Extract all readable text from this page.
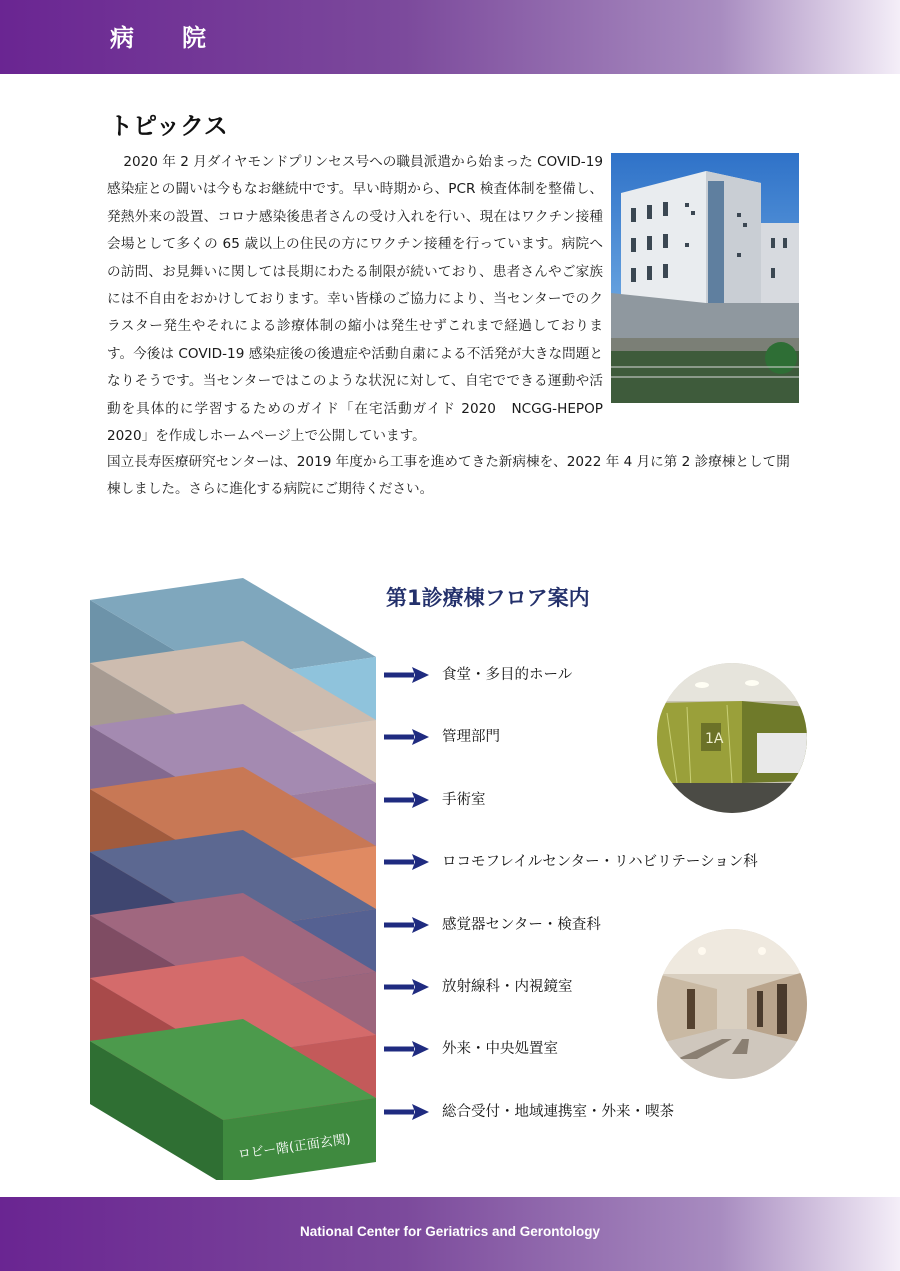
病　院
トピックス

2020 年 2 月ダイヤモンドプリンセス号への職員派遣から始まった COVID-19 感染症との闘いは今もなお継続中です。早い時期から、PCR 検査体制を整備し、発熱外来の設置、コロナ感染後患者さんの受け入れを行い、現在はワクチン接種会場として多くの 65 歳以上の住民の方にワクチン接種を行っています。病院への訪問、お見舞いに関しては長期にわたる制限が続いており、患者さんやご家族には不自由をおかけしております。幸い皆様のご協力により、当センターでのクラスター発生やそれによる診療体制の縮小は発生せずこれまで経過しております。今後は COVID-19 感染症後の後遺症や活動自粛による不活発が大きな問題となりそうです。当センターではこのような状況に対して、自宅でできる運動や活動を具体的に学習するためのガイド「在宅活動ガイド 2020　NCGG-HEPOP 2020」を作成しホームページ上で公開しています。

国立長寿医療研究センターは、2019 年度から工事を進めてきた新病棟を、2022 年 4 月に第 2 診療棟として開棟しました。さらに進化する病院にご期待ください。

第1診療棟フロア案内
ロビー階(正面玄関)
食堂・多目的ホール
管理部門
手術室
ロコモフレイルセンター・リハビリテーション科
感覚器センター・検査科
放射線科・内視鏡室
外来・中央処置室
総合受付・地域連携室・外来・喫茶
1A
National Center for Geriatrics and Gerontology
